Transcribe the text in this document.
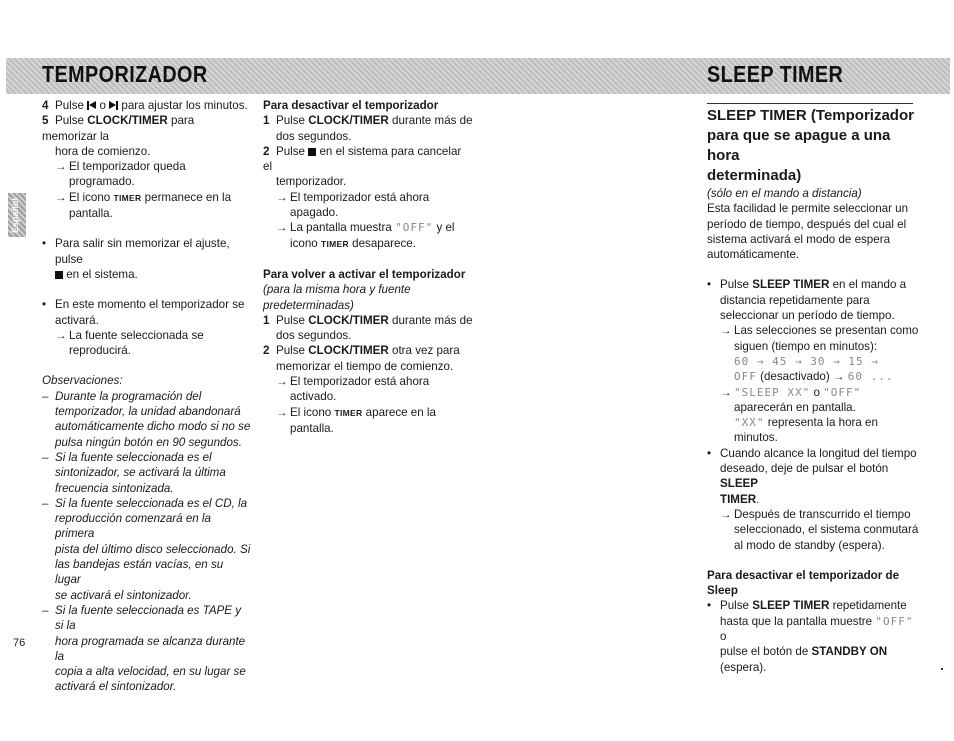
TEMPORIZADOR	SLEEP TIMER
Español

4 Pulse o para ajustar los minutos.

5 Pulse CLOCK/TIMER para memorizar la

hora de comienzo.

→ El temporizador queda programado.

→ El icono TIMER permanece en la

pantalla.

• Para salir sin memorizar el ajuste, pulse

en el sistema.

• En este momento el temporizador se

activará.

→ La fuente seleccionada se

reproducirá.

Observaciones:

– Durante la programación del

temporizador, la unidad abandonará

automáticamente dicho modo si no se

pulsa ningún botón en 90 segundos.

– Si la fuente seleccionada es el

sintonizador, se activará la última

frecuencia sintonizada.

– Si la fuente seleccionada es el CD, la

reproducción comenzará en la primera

pista del último disco seleccionado. Si

las bandejas están vacías, en su lugar

se activará el sintonizador.

– Si la fuente seleccionada es TAPE y si la

hora programada se alcanza durante la

copia a alta velocidad, en su lugar se

activará el sintonizador.

Para desactivar el temporizador

1 Pulse CLOCK/TIMER durante más de

dos segundos.

2 Pulse en el sistema para cancelar el

temporizador.

→ El temporizador está ahora apagado.

→ La pantalla muestra "OFF" y el

icono TIMER desaparece.

Para volver a activar el temporizador

(para la misma hora y fuente

predeterminadas)

1 Pulse CLOCK/TIMER durante más de

dos segundos.

2 Pulse CLOCK/TIMER otra vez para

memorizar el tiempo de comienzo.

→ El temporizador está ahora activado.

→ El icono TIMER aparece en la pantalla.

SLEEP TIMER (Temporizador

para que se apague a una hora

determinada)

(sólo en el mando a distancia)

Esta facilidad le permite seleccionar un

período de tiempo, después del cual el

sistema activará el modo de espera

automáticamente.

• Pulse SLEEP TIMER en el mando a

distancia repetidamente para

seleccionar un período de tiempo.

→ Las selecciones se presentan como

siguen (tiempo en minutos):

60 → 45 → 30 → 15 →

OFF (desactivado) → 60 ...

→ "SLEEP XX" o "OFF"

aparecerán en pantalla.

"XX" representa la hora en minutos.

• Cuando alcance la longitud del tiempo

deseado, deje de pulsar el botón SLEEP

TIMER.

→ Después de transcurrido el tiempo

seleccionado, el sistema conmutará

al modo de standby (espera).

Para desactivar el temporizador de

Sleep

• Pulse SLEEP TIMER repetidamente

hasta que la pantalla muestre "OFF" o

pulse el botón de STANDBY ON

(espera).

76
